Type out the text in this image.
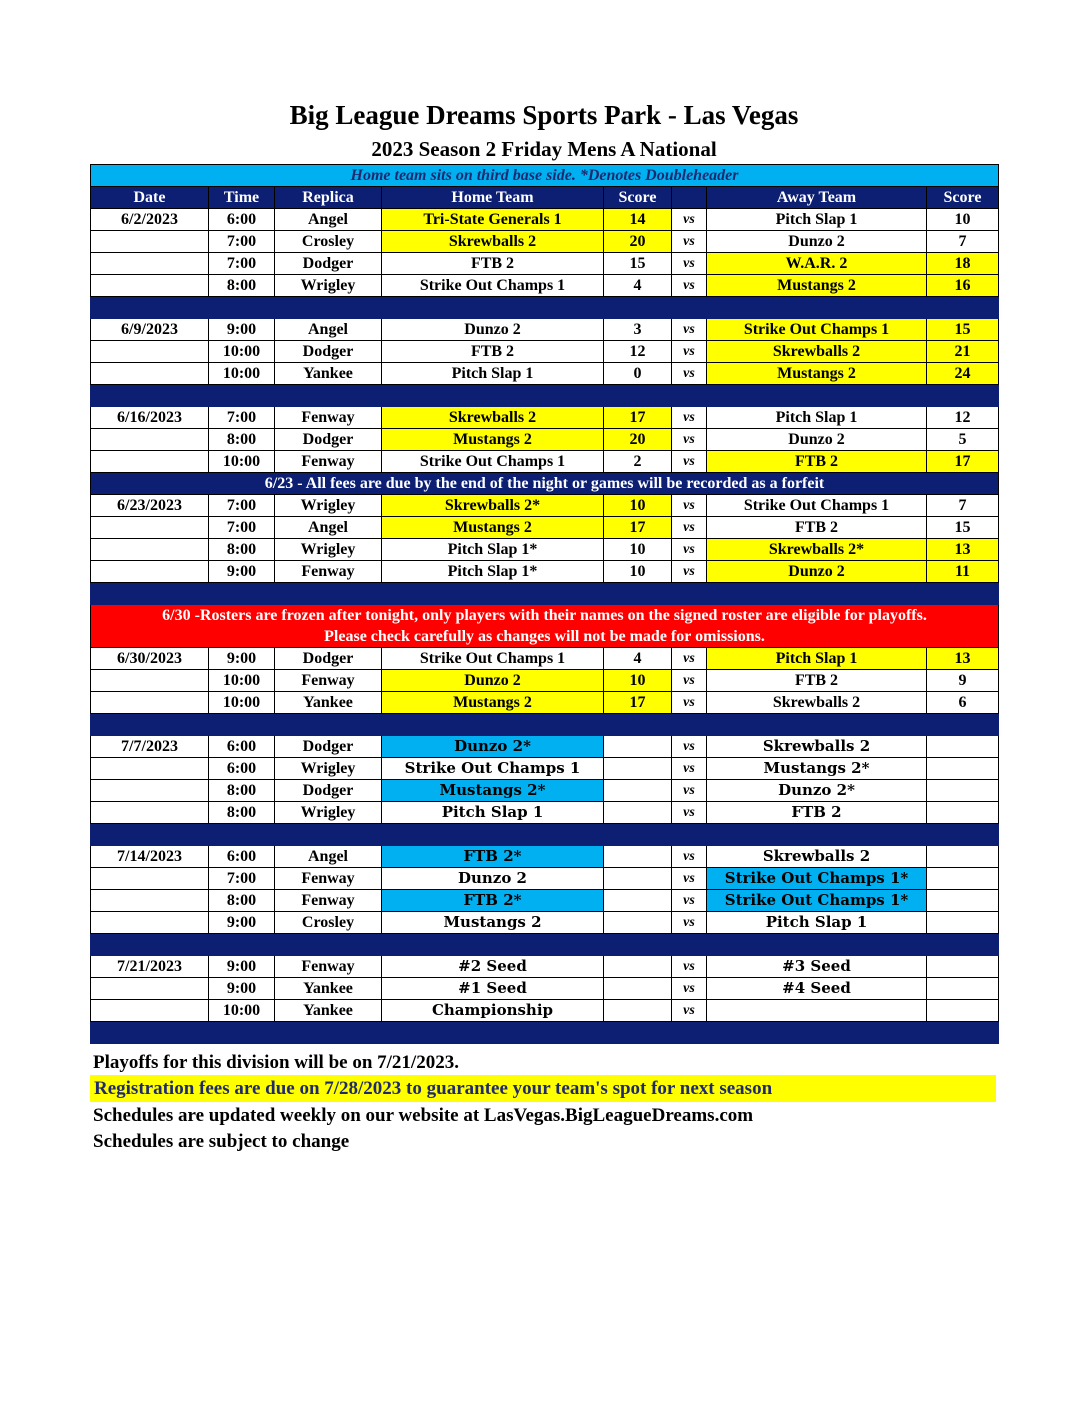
Big League Dreams Sports Park - Las Vegas
2023 Season 2 Friday Mens A National
Home team sits on third base side. *Denotes Doubleheader							
Date	Time	Replica	Home Team	Score		Away Team	Score
6/2/2023	6:00	Angel	Tri-State Generals 1	14	vs	Pitch Slap 1	10
	7:00	Crosley	Skrewballs 2	20	vs	Dunzo 2	7
	7:00	Dodger	FTB 2	15	vs	W.A.R. 2	18
	8:00	Wrigley	Strike Out Champs 1	4	vs	Mustangs 2	16

6/9/2023	9:00	Angel	Dunzo 2	3	vs	Strike Out Champs 1	15
	10:00	Dodger	FTB 2	12	vs	Skrewballs 2	21
	10:00	Yankee	Pitch Slap 1	0	vs	Mustangs 2	24

6/16/2023	7:00	Fenway	Skrewballs 2	17	vs	Pitch Slap 1	12
	8:00	Dodger	Mustangs 2	20	vs	Dunzo 2	5
	10:00	Fenway	Strike Out Champs 1	2	vs	FTB 2	17
6/23 - All fees are due by the end of the night or games will be recorded as a forfeit							
6/23/2023	7:00	Wrigley	Skrewballs 2*	10	vs	Strike Out Champs 1	7
	7:00	Angel	Mustangs 2	17	vs	FTB 2	15
	8:00	Wrigley	Pitch Slap 1*	10	vs	Skrewballs 2*	13
	9:00	Fenway	Pitch Slap 1*	10	vs	Dunzo 2	11

6/30 -Rosters are frozen after tonight, only players with their names on the signed roster are eligible for playoffs.
Please check carefully as changes will not be made for omissions.							

6/30/2023	9:00	Dodger	Strike Out Champs 1	4	vs	Pitch Slap 1	13
	10:00	Fenway	Dunzo 2	10	vs	FTB 2	9
	10:00	Yankee	Mustangs 2	17	vs	Skrewballs 2	6

7/7/2023	6:00	Dodger	Dunzo 2*		vs	Skrewballs 2	
	6:00	Wrigley	Strike Out Champs 1		vs	Mustangs 2*	
	8:00	Dodger	Mustangs 2*		vs	Dunzo 2*	
	8:00	Wrigley	Pitch Slap 1		vs	FTB 2	

7/14/2023	6:00	Angel	FTB 2*		vs	Skrewballs 2	
	7:00	Fenway	Dunzo 2		vs	Strike Out Champs 1*	
	8:00	Fenway	FTB 2*		vs	Strike Out Champs 1*	
	9:00	Crosley	Mustangs 2		vs	Pitch Slap 1	

7/21/2023	9:00	Fenway	#2 Seed		vs	#3 Seed	
	9:00	Yankee	#1 Seed		vs	#4 Seed	
	10:00	Yankee	Championship		vs		

Playoffs for this division will be on 7/21/2023.
Registration fees are due on 7/28/2023 to guarantee your team's spot for next season
Schedules are updated weekly on our website at LasVegas.BigLeagueDreams.com
Schedules are subject to change
